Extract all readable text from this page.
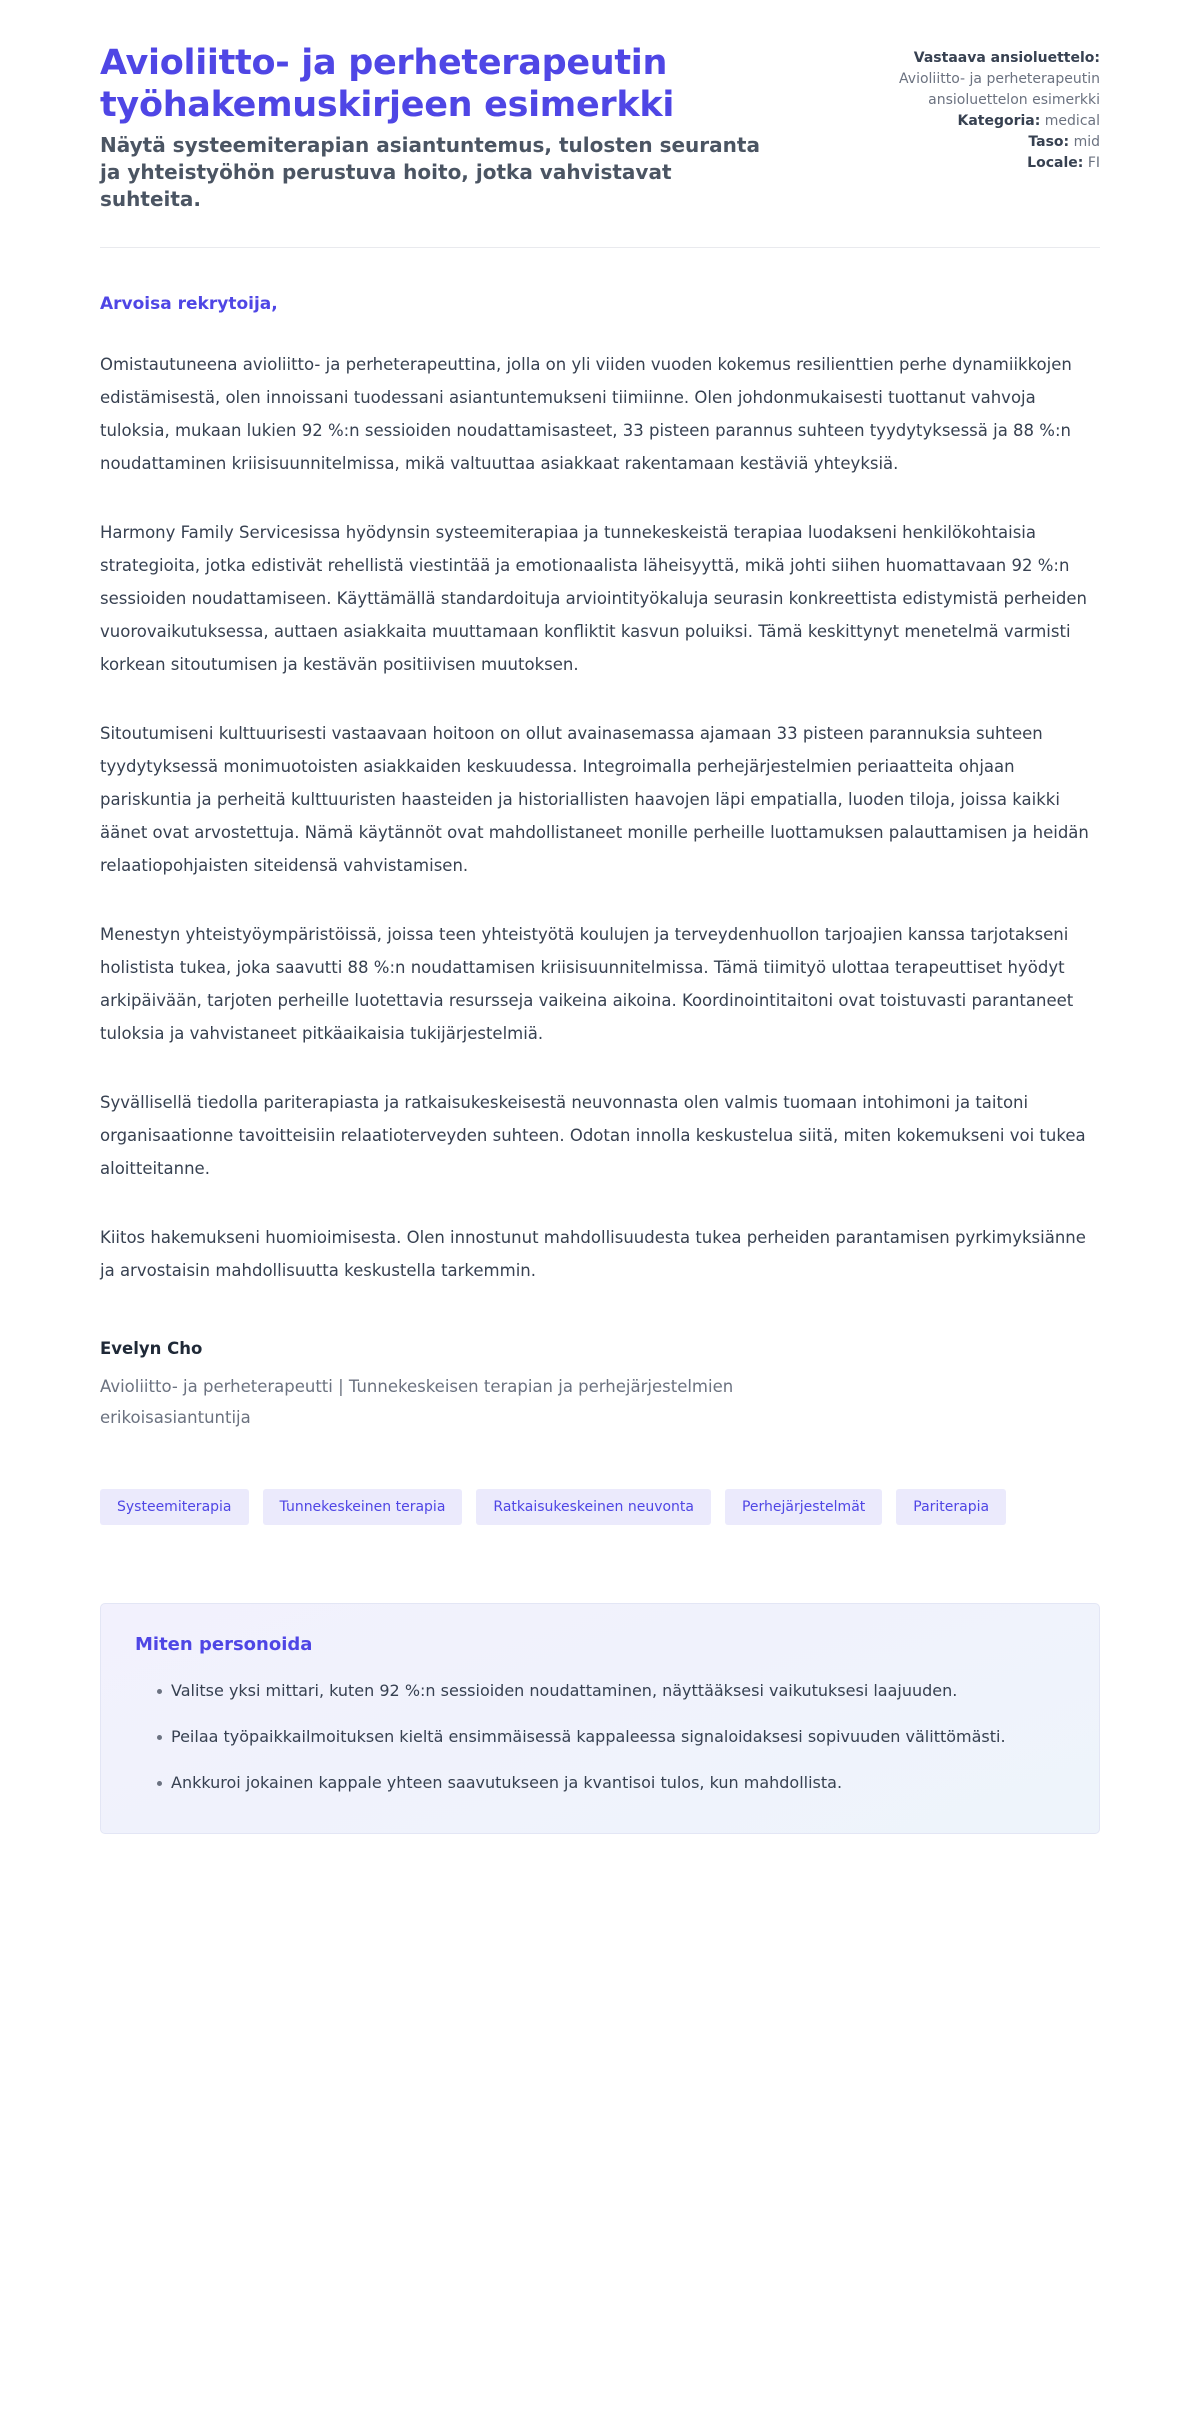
Avioliitto- ja perheterapeutin työhakemuskirjeen esimerkki

Näytä systeemiterapian asiantuntemus, tulosten seuranta ja yhteistyöhön perustuva hoito, jotka vahvistavat suhteita.

Vastaava ansioluettelo:

Avioliitto- ja perheterapeutin ansioluettelon esimerkki

Kategoria: medical

Taso: mid

Locale: FI

Arvoisa rekrytoija,

Omistautuneena avioliitto- ja perheterapeuttina, jolla on yli viiden vuoden kokemus resilienttien perhe dynamiikkojen edistämisestä, olen innoissani tuodessani asiantuntemukseni tiimiinne. Olen johdonmukaisesti tuottanut vahvoja tuloksia, mukaan lukien 92 %:n sessioiden noudattamisasteet, 33 pisteen parannus suhteen tyydytyksessä ja 88 %:n noudattaminen kriisisuunnitelmissa, mikä valtuuttaa asiakkaat rakentamaan kestäviä yhteyksiä.

Harmony Family Servicesissa hyödynsin systeemiterapiaa ja tunnekeskeistä terapiaa luodakseni henkilökohtaisia strategioita, jotka edistivät rehellistä viestintää ja emotionaalista läheisyyttä, mikä johti siihen huomattavaan 92 %:n sessioiden noudattamiseen. Käyttämällä standardoituja arviointityökaluja seurasin konkreettista edistymistä perheiden vuorovaikutuksessa, auttaen asiakkaita muuttamaan konfliktit kasvun poluiksi. Tämä keskittynyt menetelmä varmisti korkean sitoutumisen ja kestävän positiivisen muutoksen.

Sitoutumiseni kulttuurisesti vastaavaan hoitoon on ollut avainasemassa ajamaan 33 pisteen parannuksia suhteen tyydytyksessä monimuotoisten asiakkaiden keskuudessa. Integroimalla perhejärjestelmien periaatteita ohjaan pariskuntia ja perheitä kulttuuristen haasteiden ja historiallisten haavojen läpi empatialla, luoden tiloja, joissa kaikki äänet ovat arvostettuja. Nämä käytännöt ovat mahdollistaneet monille perheille luottamuksen palauttamisen ja heidän relaatiopohjaisten siteidensä vahvistamisen.

Menestyn yhteistyöympäristöissä, joissa teen yhteistyötä koulujen ja terveydenhuollon tarjoajien kanssa tarjotakseni holistista tukea, joka saavutti 88 %:n noudattamisen kriisisuunnitelmissa. Tämä tiimityö ulottaa terapeuttiset hyödyt arkipäivään, tarjoten perheille luotettavia resursseja vaikeina aikoina. Koordinointitaitoni ovat toistuvasti parantaneet tuloksia ja vahvistaneet pitkäaikaisia tukijärjestelmiä.

Syvällisellä tiedolla pariterapiasta ja ratkaisukeskeisestä neuvonnasta olen valmis tuomaan intohimoni ja taitoni organisaationne tavoitteisiin relaatioterveyden suhteen. Odotan innolla keskustelua siitä, miten kokemukseni voi tukea aloitteitanne.

Kiitos hakemukseni huomioimisesta. Olen innostunut mahdollisuudesta tukea perheiden parantamisen pyrkimyksiänne ja arvostaisin mahdollisuutta keskustella tarkemmin.

Evelyn Cho

Avioliitto- ja perheterapeutti | Tunnekeskeisen terapian ja perhejärjestelmien erikoisasiantuntija

Systeemiterapia	Tunnekeskeinen terapia	Ratkaisukeskeinen neuvonta	Perhejärjestelmät	Pariterapia

Miten personoida

Valitse yksi mittari, kuten 92 %:n sessioiden noudattaminen, näyttääksesi vaikutuksesi laajuuden.
Peilaa työpaikkailmoituksen kieltä ensimmäisessä kappaleessa signaloidaksesi sopivuuden välittömästi.
Ankkuroi jokainen kappale yhteen saavutukseen ja kvantisoi tulos, kun mahdollista.
